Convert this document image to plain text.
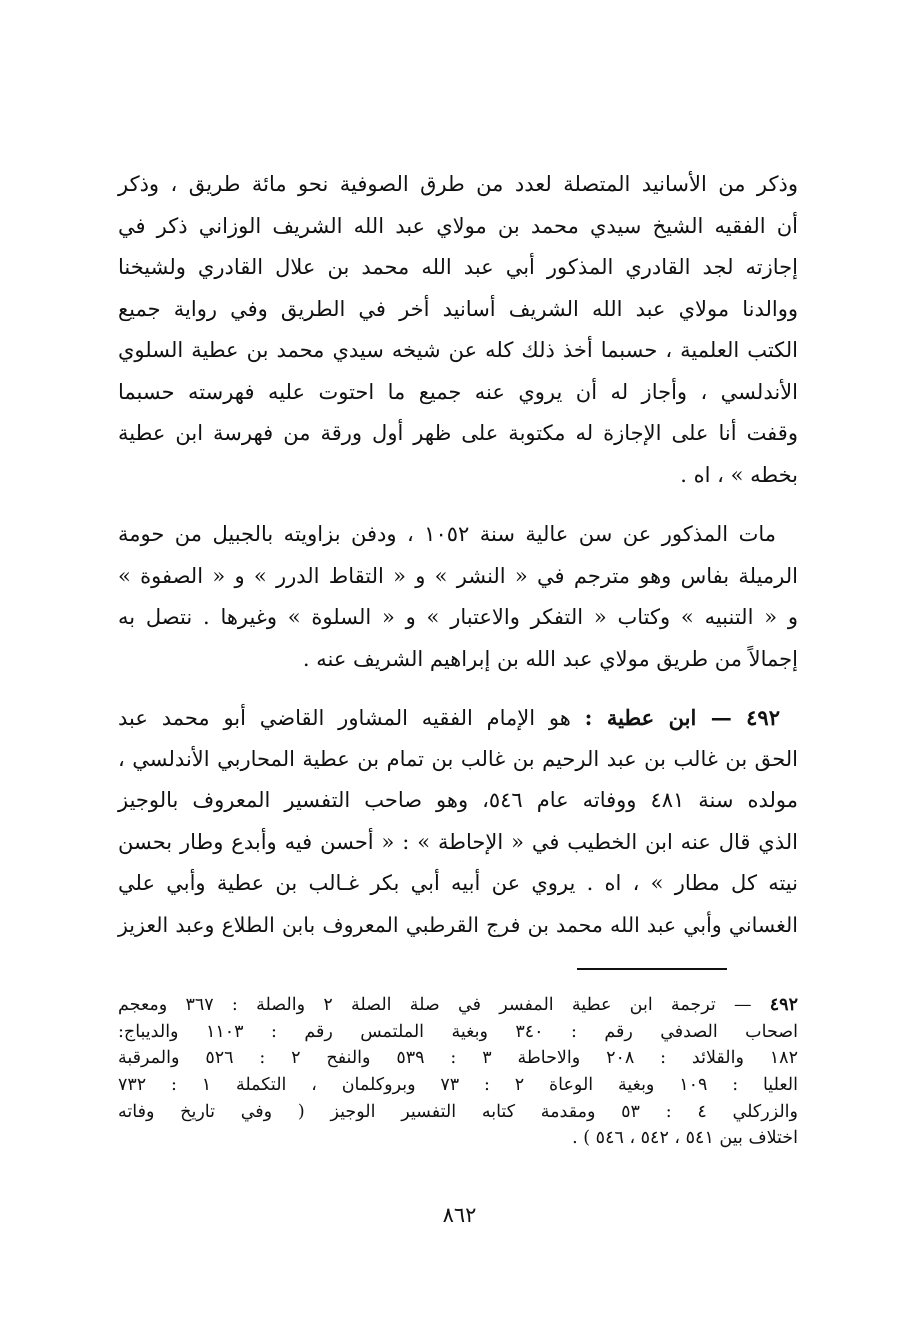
وذكر من الأسانيد المتصلة لعدد من طرق الصوفية نحو مائة طريق ، وذكر
أن الفقيه الشيخ سيدي محمد بن مولاي عبد الله الشريف الوزاني ذكر في
إجازته لجد القادري المذكور أبي عبد الله محمد بن علال القادري ولشيخنا
ووالدنا مولاي عبد الله الشريف أسانيد أخر في الطريق وفي رواية جميع
الكتب العلمية ، حسبما أخذ ذلك كله عن شيخه سيدي محمد بن عطية السلوي
الأندلسي ، وأجاز له أن يروي عنه جميع ما احتوت عليه فهرسته حسبما
وقفت أنا على الإجازة له مكتوبة على ظهر أول ورقة من فهرسة ابن عطية
بخطه » ، اه .
مات المذكور عن سن عالية سنة ١٠٥٢ ، ودفن بزاويته بالجبيل من حومة
الرميلة بفاس وهو مترجم في « النشر » و « التقاط الدرر » و « الصفوة »
و « التنبيه » وكتاب « التفكر والاعتبار » و « السلوة » وغيرها . نتصل به
إجمالاً من طريق مولاي عبد الله بن إبراهيم الشريف عنه .
٤٩٢ — ابن عطية : هو الإمام الفقيه المشاور القاضي أبو محمد عبد
الحق بن غالب بن عبد الرحيم بن غالب بن تمام بن عطية المحاربي الأندلسي ،
مولده سنة ٤٨١ ووفاته عام ٥٤٦، وهو صاحب التفسير المعروف بالوجيز
الذي قال عنه ابن الخطيب في « الإحاطة » : « أحسن فيه وأبدع وطار بحسن
نيته كل مطار » ، اه . يروي عن أبيه أبي بكر غـالب بن عطية وأبي علي
الغساني وأبي عبد الله محمد بن فرج القرطبي المعروف بابن الطلاع وعبد العزيز
٤٩٢ — ترجمة ابن عطية المفسر في صلة الصلة ٢ والصلة : ٣٦٧ ومعجم
اصحاب الصدفي رقم : ٣٤٠ وبغية الملتمس رقم : ١١٠٣ والديباج:
١٨٢ والقلائد : ٢٠٨ والاحاطة ٣ : ٥٣٩ والنفح ٢ : ٥٢٦ والمرقبة
العليا : ١٠٩ وبغية الوعاة ٢ : ٧٣ وبروكلمان ، التكملة ١ : ٧٣٢
والزركلي ٤ : ٥٣ ومقدمة كتابه التفسير الوجيز ( وفي تاريخ وفاته
اختلاف بين ٥٤١ ، ٥٤٢ ، ٥٤٦ ) .
٨٦٢
